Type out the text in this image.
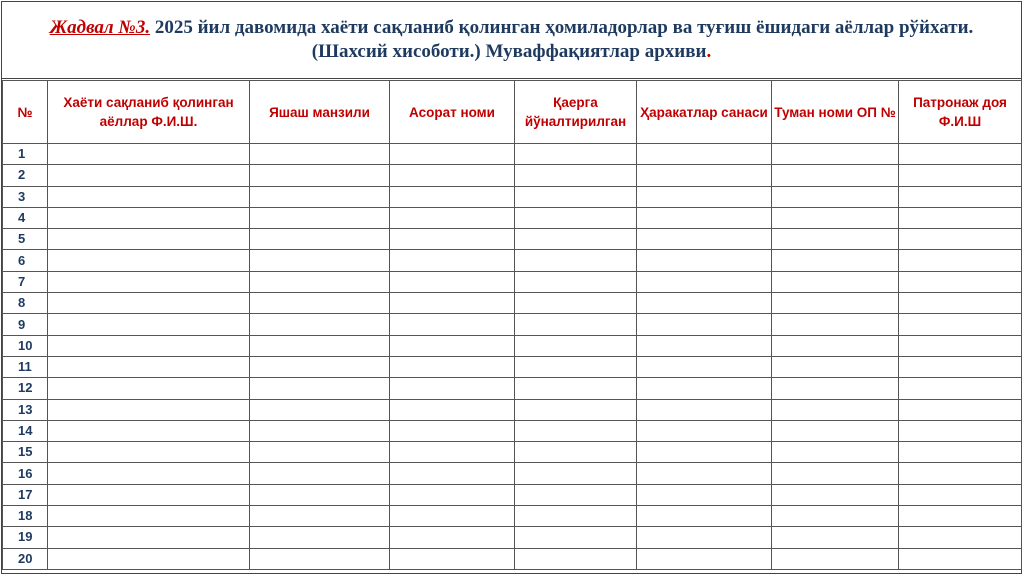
Жадвал №3. 2025 йил давомида хаёти сақланиб қолинган ҳомиладорлар ва туғиш ёшидаги аёллар рўйхати. (Шахсий хисоботи.) Муваффақиятлар архиви.
№	Хаёти сақланиб қолинган аёллар Ф.И.Ш.	Яшаш манзили	Асорат номи	Қаерга йўналтирилган	Ҳаракатлар санаси	Туман номи ОП №	Патронаж доя Ф.И.Ш
1							
2							
3							
4							
5							
6							
7							
8							
9							
10							
11							
12							
13							
14							
15							
16							
17							
18							
19							
20							
